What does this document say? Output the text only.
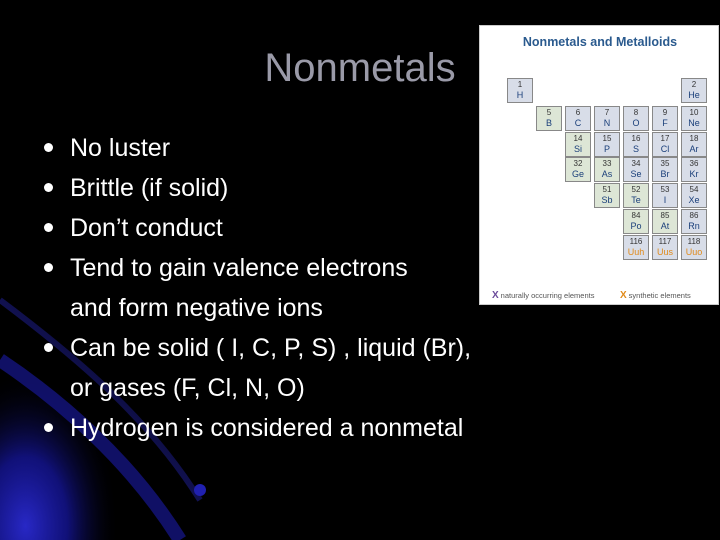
Nonmetals
No luster
Brittle (if solid)
Don’t conduct
Tend to gain valence electrons
and form negative ions
Can be solid ( I, C, P, S) , liquid (Br),
or gases (F, Cl, N, O)
Hydrogen is considered a nonmetal
Nonmetals and Metalloids
1
H
2
He
5
B
6
C
7
N
8
O
9
F
10
Ne
14
Si
15
P
16
S
17
Cl
18
Ar
32
Ge
33
As
34
Se
35
Br
36
Kr
51
Sb
52
Te
53
I
54
Xe
84
Po
85
At
86
Rn
116
Uuh
117
Uus
118
Uuo
X naturally occurring elements	X synthetic elements
